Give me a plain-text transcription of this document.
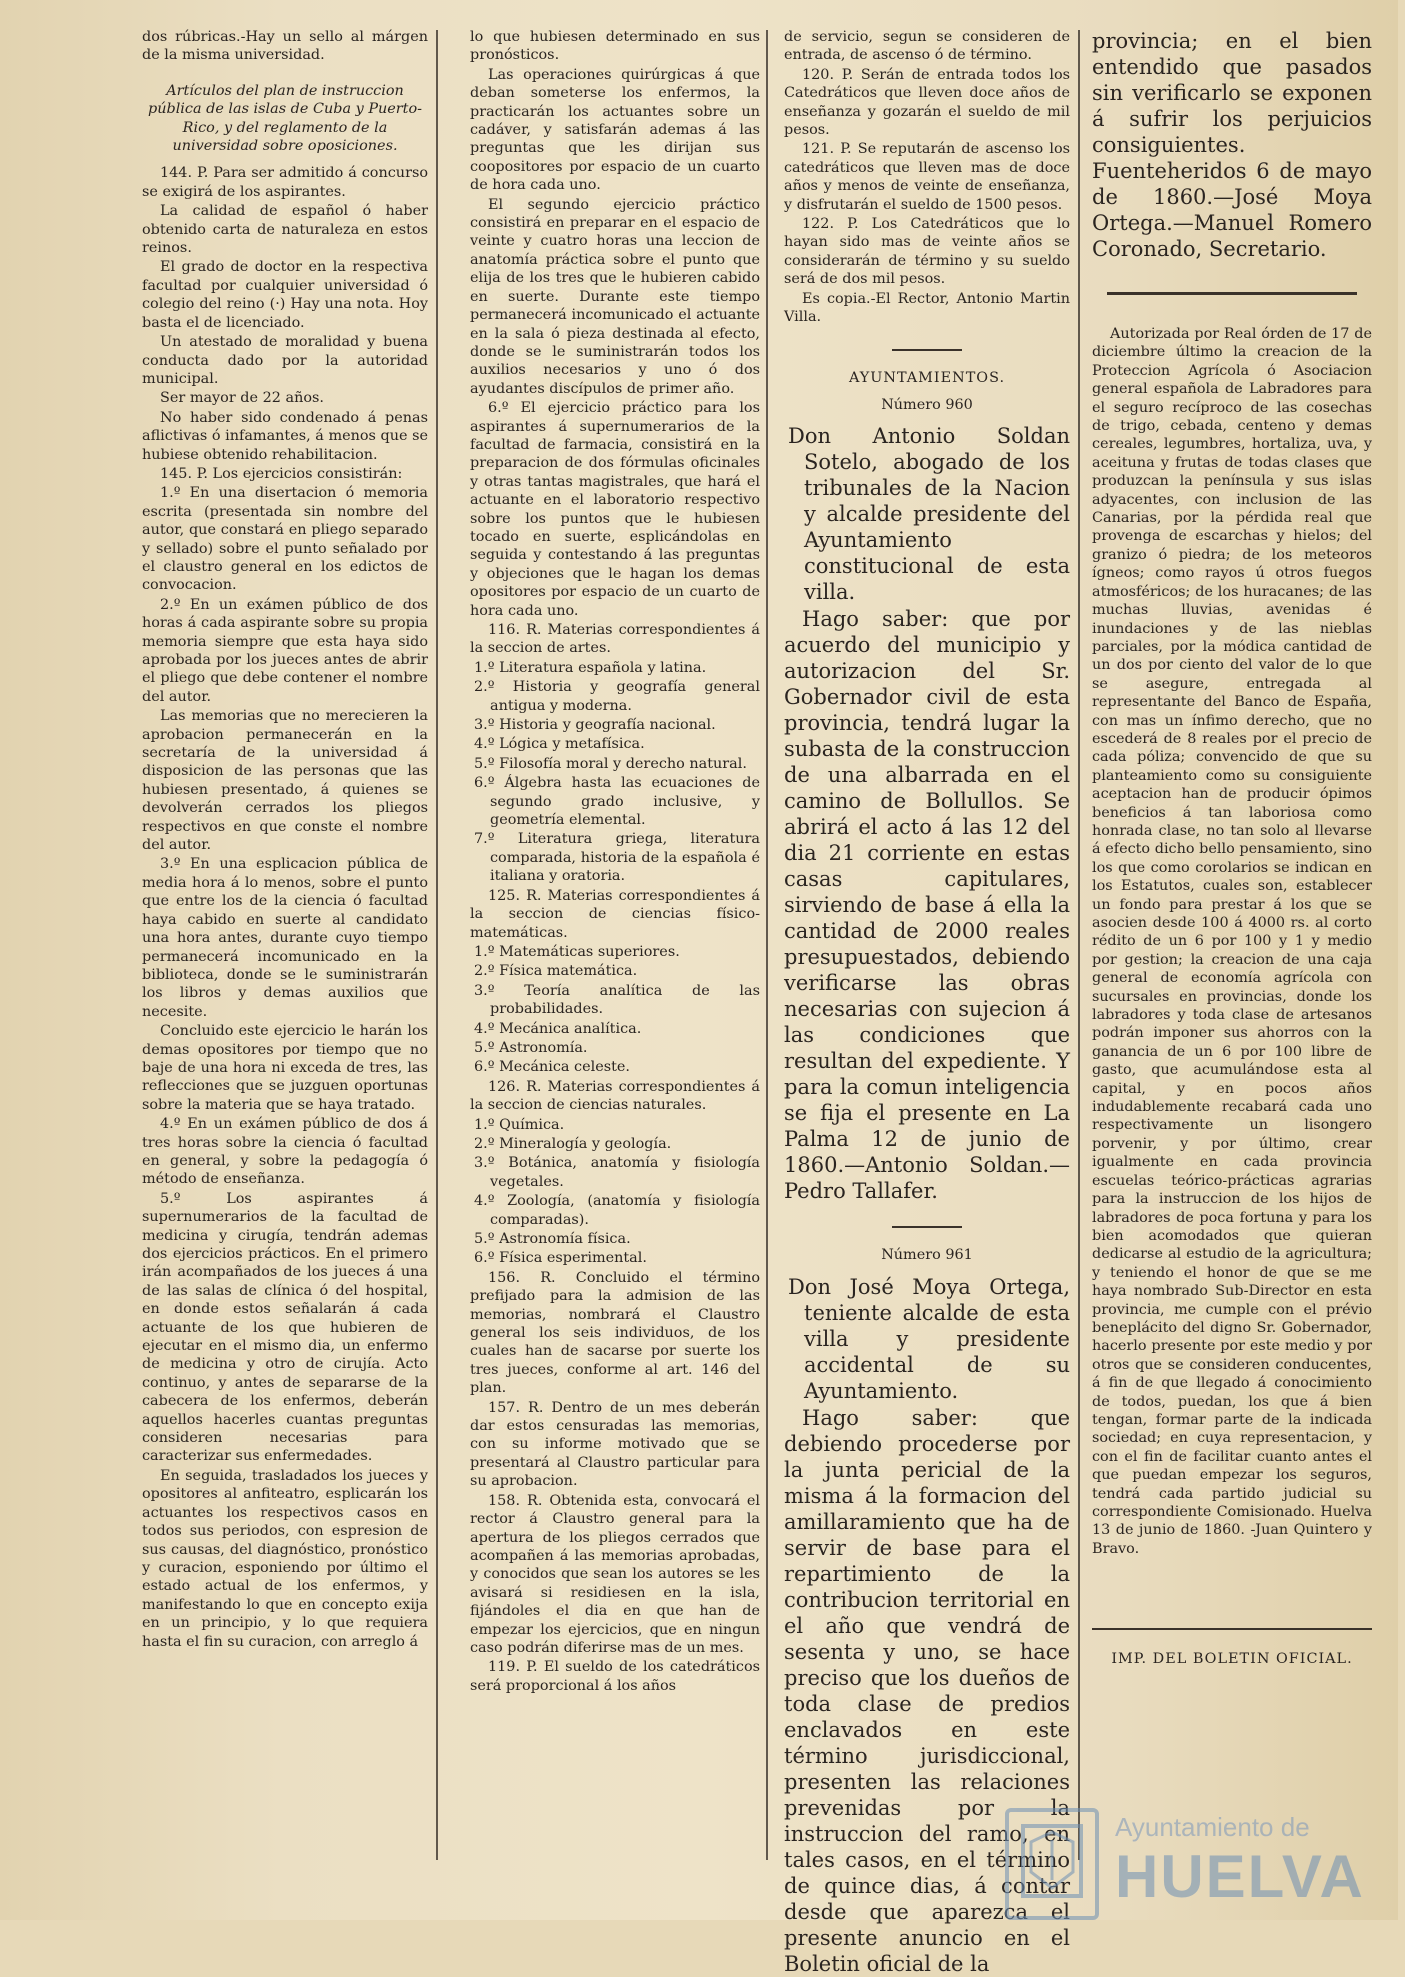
dos rúbricas.-Hay un sello al márgen de la misma universidad.

Artículos del plan de instruccion pública de las islas de Cuba y Puerto-Rico, y del reglamento de la universidad sobre oposiciones.

144. P. Para ser admitido á concurso se exigirá de los aspirantes.

La calidad de español ó haber obtenido carta de naturaleza en estos reinos.

El grado de doctor en la respectiva facultad por cualquier universidad ó colegio del reino (·) Hay una nota. Hoy basta el de licenciado.

Un atestado de moralidad y buena conducta dado por la autoridad municipal.

Ser mayor de 22 años.

No haber sido condenado á penas aflictivas ó infamantes, á menos que se hubiese obtenido rehabilitacion.

145. P. Los ejercicios consistirán:

1.º En una disertacion ó memoria escrita (presentada sin nombre del autor, que constará en pliego separado y sellado) sobre el punto señalado por el claustro general en los edictos de convocacion.

2.º En un exámen público de dos horas á cada aspirante sobre su propia memoria siempre que esta haya sido aprobada por los jueces antes de abrir el pliego que debe contener el nombre del autor.

Las memorias que no merecieren la aprobacion permanecerán en la secretaría de la universidad á disposicion de las personas que las hubiesen presentado, á quienes se devolverán cerrados los pliegos respectivos en que conste el nombre del autor.

3.º En una esplicacion pública de media hora á lo menos, sobre el punto que entre los de la ciencia ó facultad haya cabido en suerte al candidato una hora antes, durante cuyo tiempo permanecerá incomunicado en la biblioteca, donde se le suministrarán los libros y demas auxilios que necesite.

Concluido este ejercicio le harán los demas opositores por tiempo que no baje de una hora ni exceda de tres, las reflecciones que se juzguen oportunas sobre la materia que se haya tratado.

4.º En un exámen público de dos á tres horas sobre la ciencia ó facultad en general, y sobre la pedagogía ó método de enseñanza.

5.º Los aspirantes á supernumerarios de la facultad de medicina y cirugía, tendrán ademas dos ejercicios prácticos. En el primero irán acompañados de los jueces á una de las salas de clínica ó del hospital, en donde estos señalarán á cada actuante de los que hubieren de ejecutar en el mismo dia, un enfermo de medicina y otro de cirujía. Acto continuo, y antes de separarse de la cabecera de los enfermos, deberán aquellos hacerles cuantas preguntas consideren necesarias para caracterizar sus enfermedades.

En seguida, trasladados los jueces y opositores al anfiteatro, esplicarán los actuantes los respectivos casos en todos sus periodos, con espresion de sus causas, del diagnóstico, pronóstico y curacion, esponiendo por último el estado actual de los enfermos, y manifestando lo que en concepto exija en un principio, y lo que requiera hasta el fin su curacion, con arreglo á

lo que hubiesen determinado en sus pronósticos.

Las operaciones quirúrgicas á que deban someterse los enfermos, la practicarán los actuantes sobre un cadáver, y satisfarán ademas á las preguntas que les dirijan sus coopositores por espacio de un cuarto de hora cada uno.

El segundo ejercicio práctico consistirá en preparar en el espacio de veinte y cuatro horas una leccion de anatomía práctica sobre el punto que elija de los tres que le hubieren cabido en suerte. Durante este tiempo permanecerá incomunicado el actuante en la sala ó pieza destinada al efecto, donde se le suministrarán todos los auxilios necesarios y uno ó dos ayudantes discípulos de primer año.

6.º El ejercicio práctico para los aspirantes á supernumerarios de la facultad de farmacia, consistirá en la preparacion de dos fórmulas oficinales y otras tantas magistrales, que hará el actuante en el laboratorio respectivo sobre los puntos que le hubiesen tocado en suerte, esplicándolas en seguida y contestando á las preguntas y objeciones que le hagan los demas opositores por espacio de un cuarto de hora cada uno.

116. R. Materias correspondientes á la seccion de artes.

1.º Literatura española y latina.

2.º Historia y geografía general antigua y moderna.

3.º Historia y geografía nacional.

4.º Lógica y metafísica.

5.º Filosofía moral y derecho natural.

6.º Álgebra hasta las ecuaciones de segundo grado inclusive, y geometría elemental.

7.º Literatura griega, literatura comparada, historia de la española é italiana y oratoria.

125. R. Materias correspondientes á la seccion de ciencias físico-matemáticas.

1.º Matemáticas superiores.

2.º Física matemática.

3.º Teoría analítica de las probabilidades.

4.º Mecánica analítica.

5.º Astronomía.

6.º Mecánica celeste.

126. R. Materias correspondientes á la seccion de ciencias naturales.

1.º Química.

2.º Mineralogía y geología.

3.º Botánica, anatomía y fisiología vegetales.

4.º Zoología, (anatomía y fisiología comparadas).

5.º Astronomía física.

6.º Física esperimental.

156. R. Concluido el término prefijado para la admision de las memorias, nombrará el Claustro general los seis individuos, de los cuales han de sacarse por suerte los tres jueces, conforme al art. 146 del plan.

157. R. Dentro de un mes deberán dar estos censuradas las memorias, con su informe motivado que se presentará al Claustro particular para su aprobacion.

158. R. Obtenida esta, convocará el rector á Claustro general para la apertura de los pliegos cerrados que acompañen á las memorias aprobadas, y conocidos que sean los autores se les avisará si residiesen en la isla, fijándoles el dia en que han de empezar los ejercicios, que en ningun caso podrán diferirse mas de un mes.

119. P. El sueldo de los catedráticos será proporcional á los años

de servicio, segun se consideren de entrada, de ascenso ó de término.

120. P. Serán de entrada todos los Catedráticos que lleven doce años de enseñanza y gozarán el sueldo de mil pesos.

121. P. Se reputarán de ascenso los catedráticos que lleven mas de doce años y menos de veinte de enseñanza, y disfrutarán el sueldo de 1500 pesos.

122. P. Los Catedráticos que lo hayan sido mas de veinte años se considerarán de término y su sueldo será de dos mil pesos.

Es copia.-El Rector, Antonio Martin Villa.

AYUNTAMIENTOS.

Número 960

Don Antonio Soldan Sotelo, abogado de los tribunales de la Nacion y alcalde presidente del Ayuntamiento constitucional de esta villa.

Hago saber: que por acuerdo del municipio y autorizacion del Sr. Gobernador civil de esta provincia, tendrá lugar la subasta de la construccion de una albarrada en el camino de Bollullos. Se abrirá el acto á las 12 del dia 21 corriente en estas casas capitulares, sirviendo de base á ella la cantidad de 2000 reales presupuestados, debiendo verificarse las obras necesarias con sujecion á las condiciones que resultan del expediente. Y para la comun inteligencia se fija el presente en La Palma 12 de junio de 1860.—Antonio Soldan.—Pedro Tallafer.

Número 961

Don José Moya Ortega, teniente alcalde de esta villa y presidente accidental de su Ayuntamiento.

Hago saber: que debiendo procederse por la junta pericial de la misma á la formacion del amillaramiento que ha de servir de base para el repartimiento de la contribucion territorial en el año que vendrá de sesenta y uno, se hace preciso que los dueños de toda clase de predios enclavados en este término jurisdiccional, presenten las relaciones prevenidas por la instruccion del ramo, en tales casos, en el término de quince dias, á contar desde que aparezca el presente anuncio en el Boletin oficial de la

provincia; en el bien entendido que pasados sin verificarlo se exponen á sufrir los perjuicios consiguientes. Fuenteheridos 6 de mayo de 1860.—José Moya Ortega.—Manuel Romero Coronado, Secretario.

Autorizada por Real órden de 17 de diciembre último la creacion de la Proteccion Agrícola ó Asociacion general española de Labradores para el seguro recíproco de las cosechas de trigo, cebada, centeno y demas cereales, legumbres, hortaliza, uva, y aceituna y frutas de todas clases que produzcan la península y sus islas adyacentes, con inclusion de las Canarias, por la pérdida real que provenga de escarchas y hielos; del granizo ó piedra; de los meteoros ígneos; como rayos ú otros fuegos atmosféricos; de los huracanes; de las muchas lluvias, avenidas é inundaciones y de las nieblas parciales, por la módica cantidad de un dos por ciento del valor de lo que se asegure, entregada al representante del Banco de España, con mas un ínfimo derecho, que no escederá de 8 reales por el precio de cada póliza; convencido de que su planteamiento como su consiguiente aceptacion han de producir ópimos beneficios á tan laboriosa como honrada clase, no tan solo al llevarse á efecto dicho bello pensamiento, sino los que como corolarios se indican en los Estatutos, cuales son, establecer un fondo para prestar á los que se asocien desde 100 á 4000 rs. al corto rédito de un 6 por 100 y 1 y medio por gestion; la creacion de una caja general de economía agrícola con sucursales en provincias, donde los labradores y toda clase de artesanos podrán imponer sus ahorros con la ganancia de un 6 por 100 libre de gasto, que acumulándose esta al capital, y en pocos años indudablemente recabará cada uno respectivamente un lisongero porvenir, y por último, crear igualmente en cada provincia escuelas teórico-prácticas agrarias para la instruccion de los hijos de labradores de poca fortuna y para los bien acomodados que quieran dedicarse al estudio de la agricultura; y teniendo el honor de que se me haya nombrado Sub-Director en esta provincia, me cumple con el prévio beneplácito del digno Sr. Gobernador, hacerlo presente por este medio y por otros que se consideren conducentes, á fin de que llegado á conocimiento de todos, puedan, los que á bien tengan, formar parte de la indicada sociedad; en cuya representacion, y con el fin de facilitar cuanto antes el que puedan empezar los seguros, tendrá cada partido judicial su correspondiente Comisionado. Huelva 13 de junio de 1860. -Juan Quintero y Bravo.

IMP. DEL BOLETIN OFICIAL.

Ayuntamiento de
HUELVA
